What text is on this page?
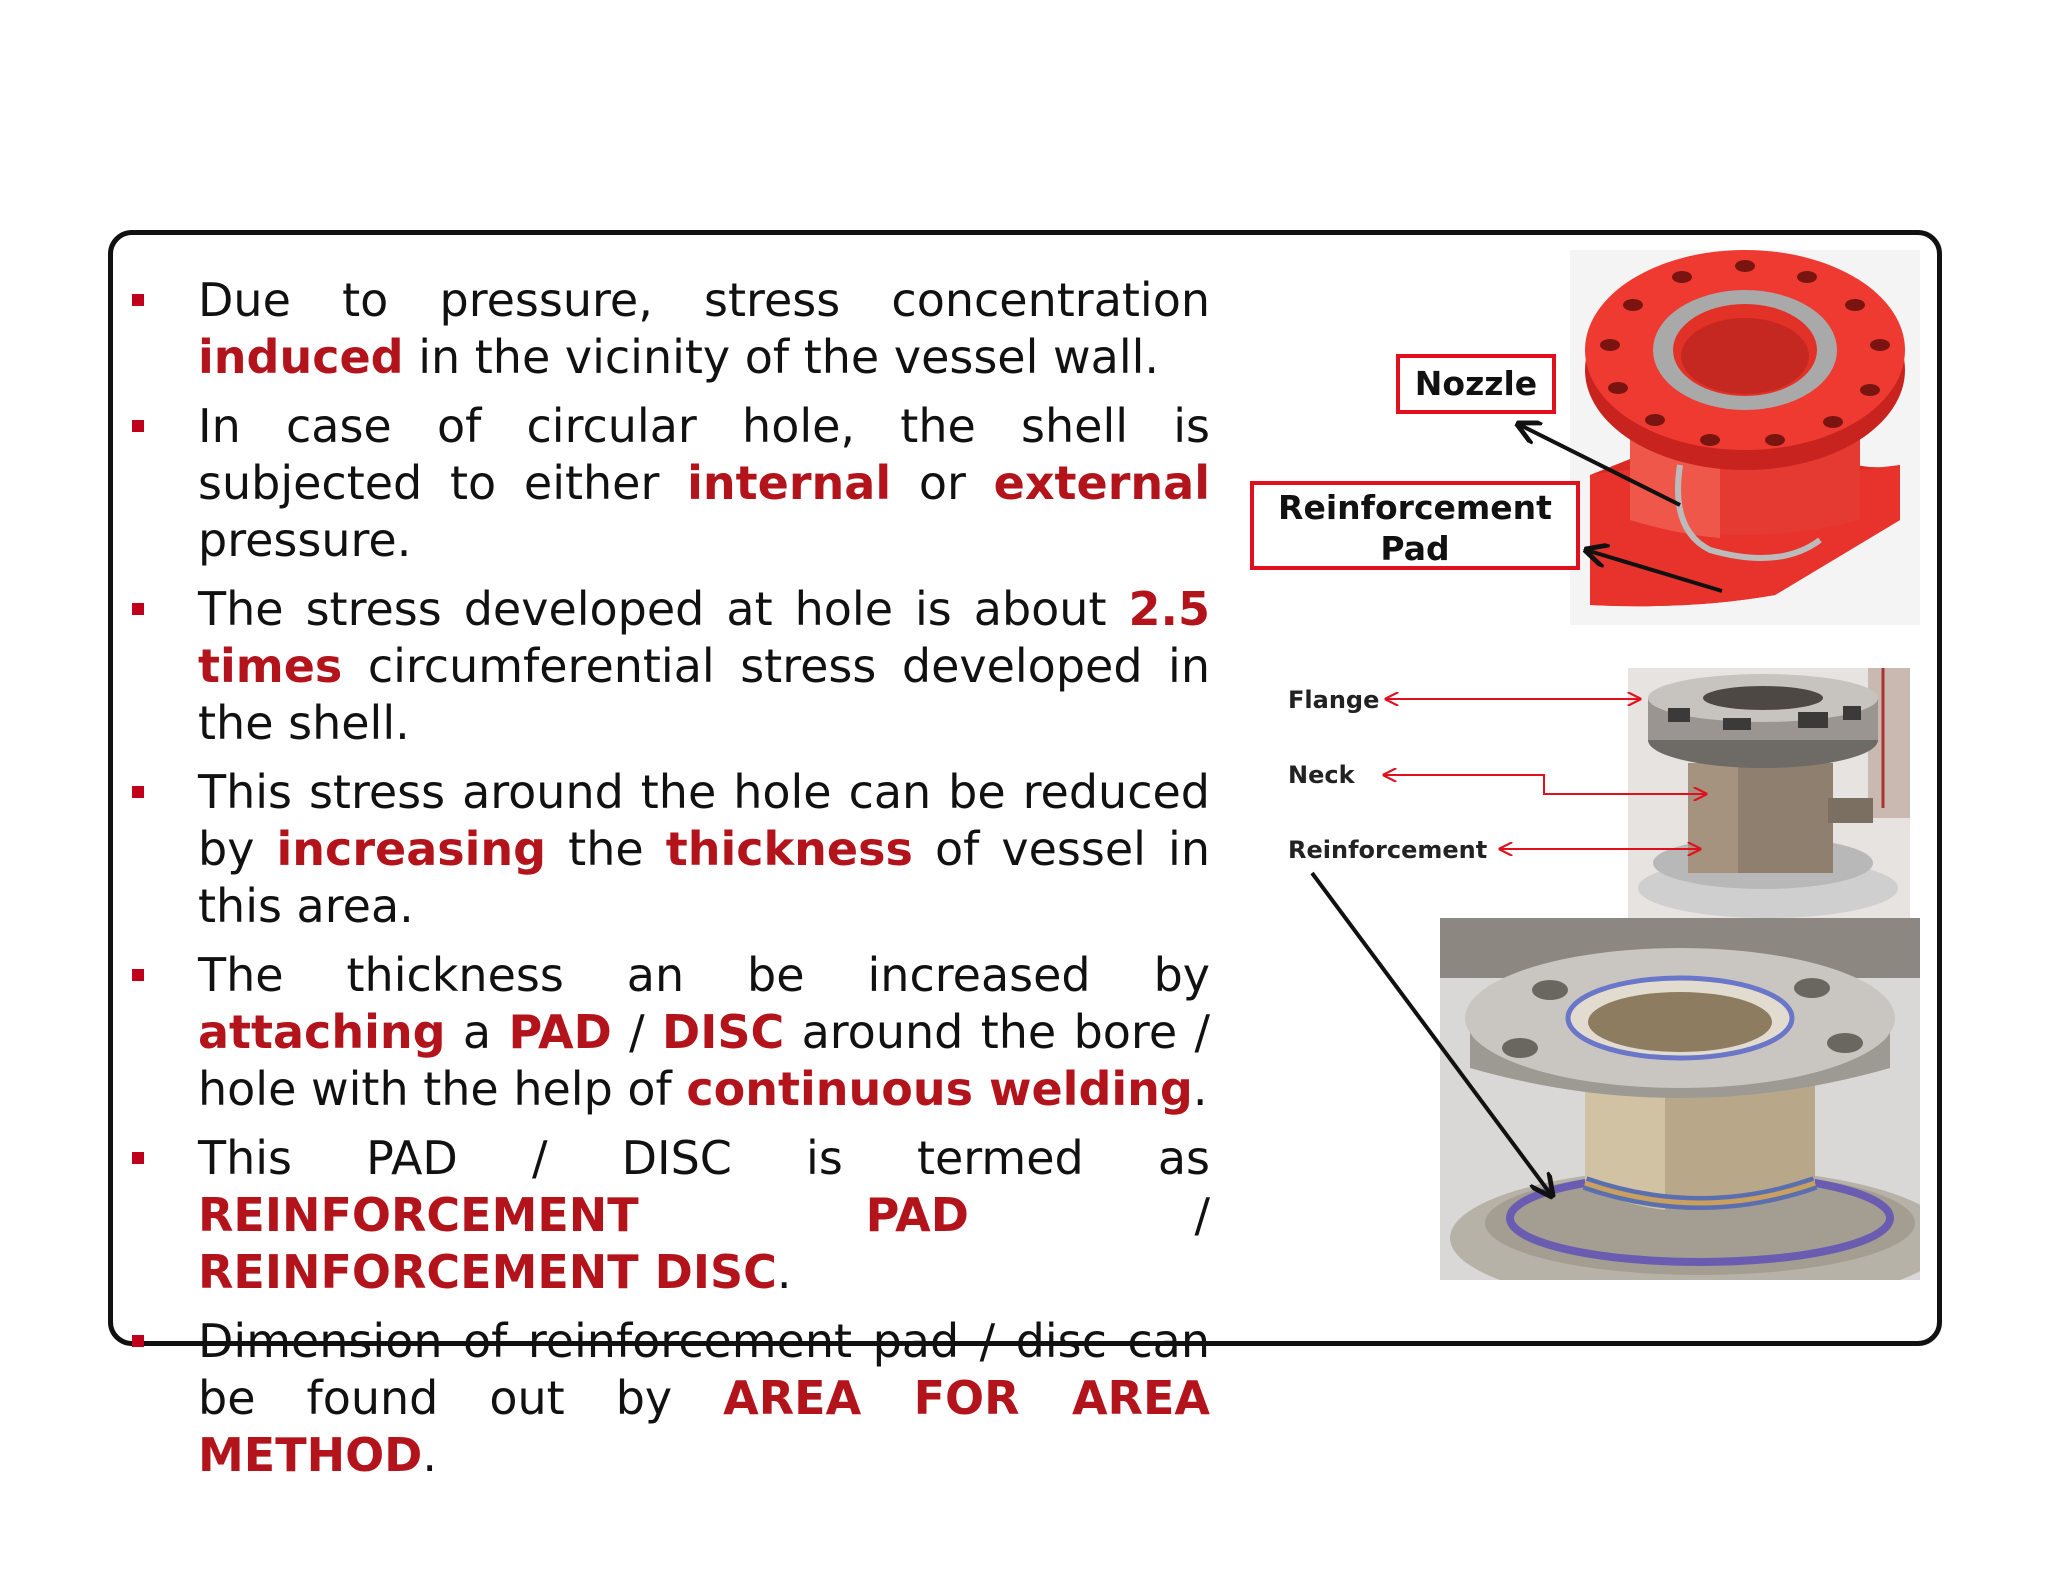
Due to pressure, stress concentration induced in the vicinity of the vessel wall.
In case of circular hole, the shell is subjected to either internal or external pressure.
The stress developed at hole is about 2.5 times circumferential stress developed in the shell.
This stress around the hole can be reduced by increasing the thickness of vessel in this area.
The thickness an be increased by attaching a PAD / DISC around the bore / hole with the help of continuous welding.
This PAD / DISC is termed as REINFORCEMENT PAD / REINFORCEMENT DISC.
Dimension of reinforcement pad / disc can be found out by AREA FOR AREA METHOD.
Nozzle
Reinforcement
Pad
Flange
Neck
Reinforcement
